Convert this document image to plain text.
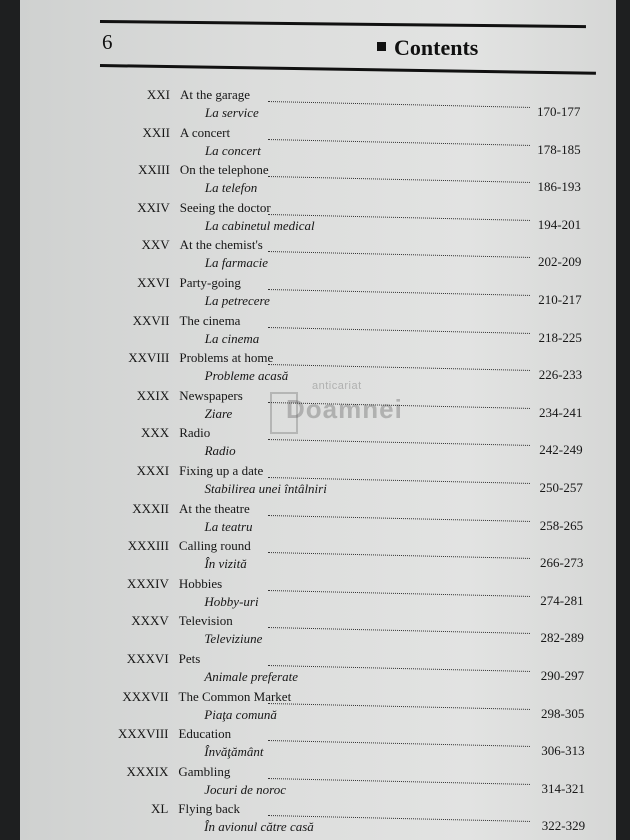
6	Contents
anticariat
Doamnei
XXI At the garage
La service	170-177
XXII A concert
La concert	178-185
XXIII On the telephone
La telefon	186-193
XXIV Seeing the doctor
La cabinetul medical	194-201
XXV At the chemist's
La farmacie	202-209
XXVI Party-going
La petrecere	210-217
XXVII The cinema
La cinema	218-225
XXVIII Problems at home
Probleme acasă	226-233
XXIX Newspapers
Ziare	234-241
XXX Radio
Radio	242-249
XXXI Fixing up a date
Stabilirea unei întâlniri	250-257
XXXII At the theatre
La teatru	258-265
XXXIII Calling round
În vizită	266-273
XXXIV Hobbies
Hobby-uri	274-281
XXXV Television
Televiziune	282-289
XXXVI Pets
Animale preferate	290-297
XXXVII The Common Market
Piaţa comună	298-305
XXXVIII Education
Învăţământ	306-313
XXXIX Gambling
Jocuri de noroc	314-321
XL Flying back
În avionul către casă	322-329
